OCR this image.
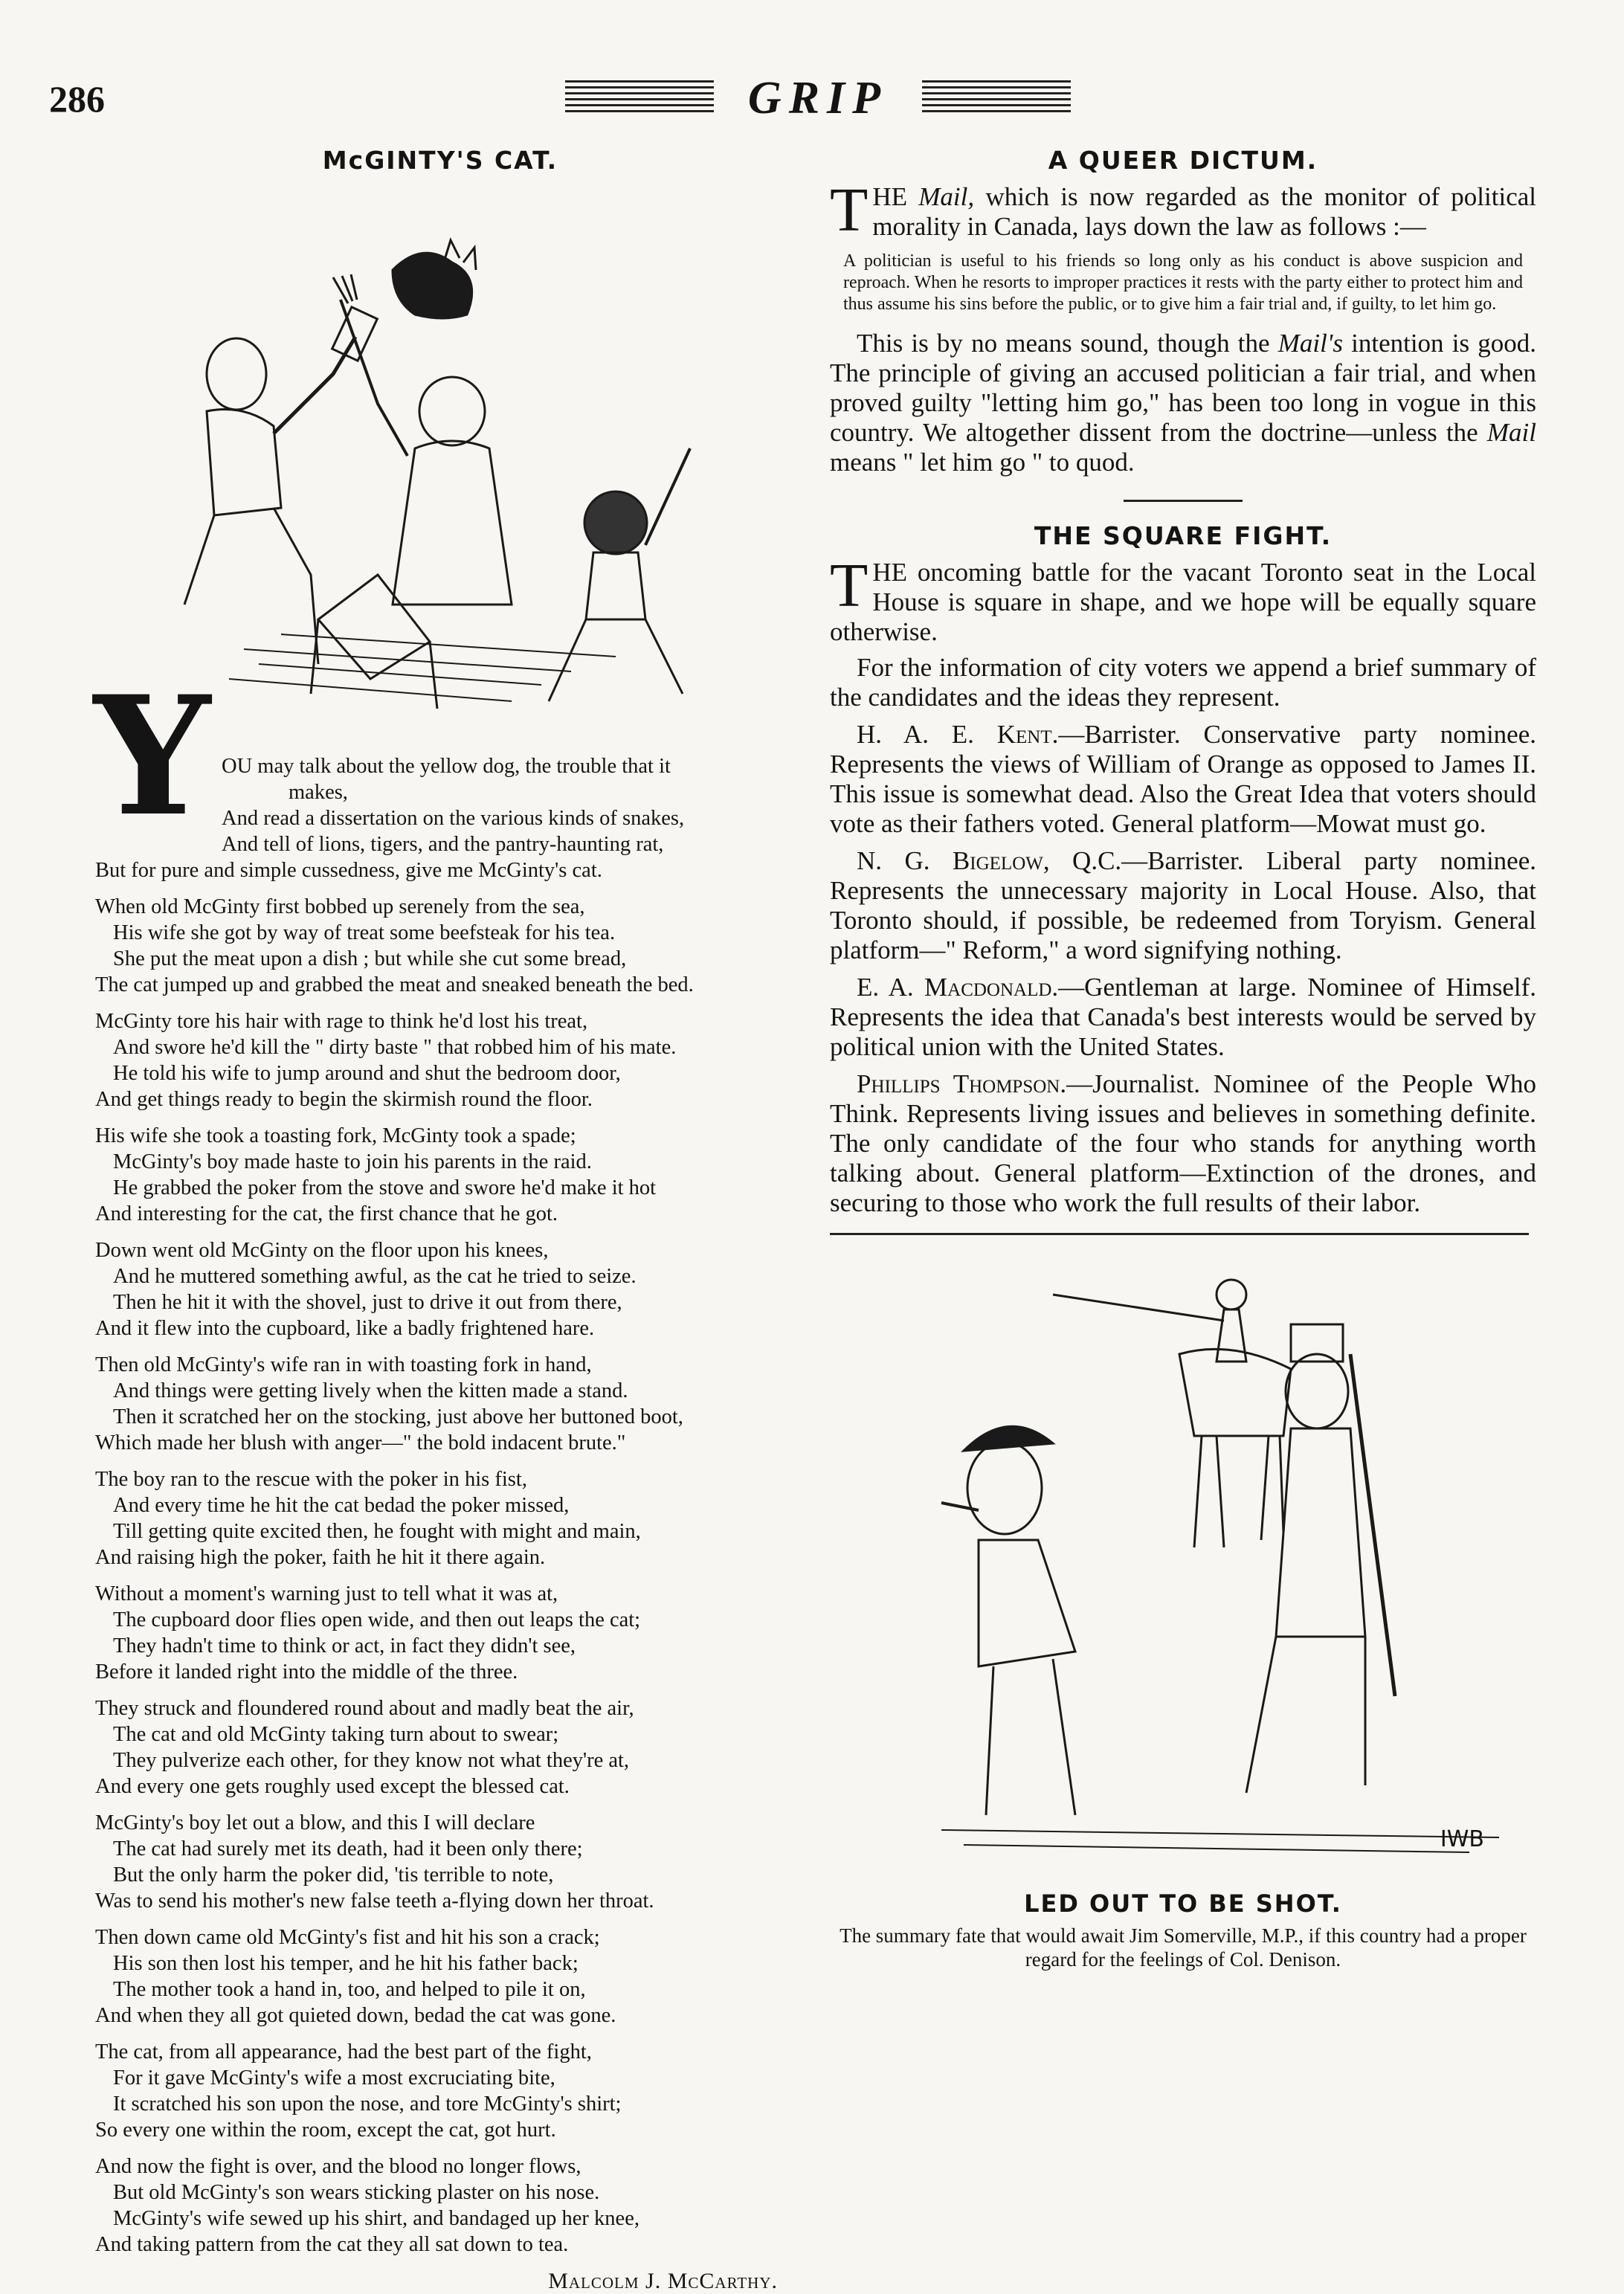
286	GRIP
McGINTY'S CAT.
Y OU may talk about the yellow dog, the trouble that it
makes,
And read a dissertation on the various kinds of snakes,
And tell of lions, tigers, and the pantry-haunting rat,
But for pure and simple cussedness, give me McGinty's cat.
When old McGinty first bobbed up serenely from the sea,
His wife she got by way of treat some beefsteak for his tea.
She put the meat upon a dish ; but while she cut some bread,
The cat jumped up and grabbed the meat and sneaked beneath the bed.
McGinty tore his hair with rage to think he'd lost his treat,
And swore he'd kill the " dirty baste " that robbed him of his mate.
He told his wife to jump around and shut the bedroom door,
And get things ready to begin the skirmish round the floor.
His wife she took a toasting fork, McGinty took a spade;
McGinty's boy made haste to join his parents in the raid.
He grabbed the poker from the stove and swore he'd make it hot
And interesting for the cat, the first chance that he got.
Down went old McGinty on the floor upon his knees,
And he muttered something awful, as the cat he tried to seize.
Then he hit it with the shovel, just to drive it out from there,
And it flew into the cupboard, like a badly frightened hare.
Then old McGinty's wife ran in with toasting fork in hand,
And things were getting lively when the kitten made a stand.
Then it scratched her on the stocking, just above her buttoned boot,
Which made her blush with anger—" the bold indacent brute."
The boy ran to the rescue with the poker in his fist,
And every time he hit the cat bedad the poker missed,
Till getting quite excited then, he fought with might and main,
And raising high the poker, faith he hit it there again.
Without a moment's warning just to tell what it was at,
The cupboard door flies open wide, and then out leaps the cat;
They hadn't time to think or act, in fact they didn't see,
Before it landed right into the middle of the three.
They struck and floundered round about and madly beat the air,
The cat and old McGinty taking turn about to swear;
They pulverize each other, for they know not what they're at,
And every one gets roughly used except the blessed cat.
McGinty's boy let out a blow, and this I will declare
The cat had surely met its death, had it been only there;
But the only harm the poker did, 'tis terrible to note,
Was to send his mother's new false teeth a-flying down her throat.
Then down came old McGinty's fist and hit his son a crack;
His son then lost his temper, and he hit his father back;
The mother took a hand in, too, and helped to pile it on,
And when they all got quieted down, bedad the cat was gone.
The cat, from all appearance, had the best part of the fight,
For it gave McGinty's wife a most excruciating bite,
It scratched his son upon the nose, and tore McGinty's shirt;
So every one within the room, except the cat, got hurt.
And now the fight is over, and the blood no longer flows,
But old McGinty's son wears sticking plaster on his nose.
McGinty's wife sewed up his shirt, and bandaged up her knee,
And taking pattern from the cat they all sat down to tea.
Malcolm J. McCarthy.
A QUEER DICTUM.

THE Mail, which is now regarded as the monitor of political morality in Canada, lays down the law as follows :—

A politician is useful to his friends so long only as his conduct is above suspicion and reproach. When he resorts to improper practices it rests with the party either to protect him and thus assume his sins before the public, or to give him a fair trial and, if guilty, to let him go.

This is by no means sound, though the Mail's intention is good. The principle of giving an accused politician a fair trial, and when proved guilty "letting him go," has been too long in vogue in this country. We altogether dissent from the doctrine—unless the Mail means " let him go " to quod.

THE SQUARE FIGHT.

THE oncoming battle for the vacant Toronto seat in the Local House is square in shape, and we hope will be equally square otherwise.

For the information of city voters we append a brief summary of the candidates and the ideas they represent.

H. A. E. Kent.—Barrister. Conservative party nominee. Represents the views of William of Orange as opposed to James II. This issue is somewhat dead. Also the Great Idea that voters should vote as their fathers voted. General platform—Mowat must go.

N. G. Bigelow, Q.C.—Barrister. Liberal party nominee. Represents the unnecessary majority in Local House. Also, that Toronto should, if possible, be redeemed from Toryism. General platform—" Reform," a word signifying nothing.

E. A. Macdonald.—Gentleman at large. Nominee of Himself. Represents the idea that Canada's best interests would be served by political union with the United States.

Phillips Thompson.—Journalist. Nominee of the People Who Think. Represents living issues and believes in something definite. The only candidate of the four who stands for anything worth talking about. General platform—Extinction of the drones, and securing to those who work the full results of their labor.

IWB
LED OUT TO BE SHOT.
The summary fate that would await Jim Somerville, M.P., if this country had a proper regard for the feelings of Col. Denison.
